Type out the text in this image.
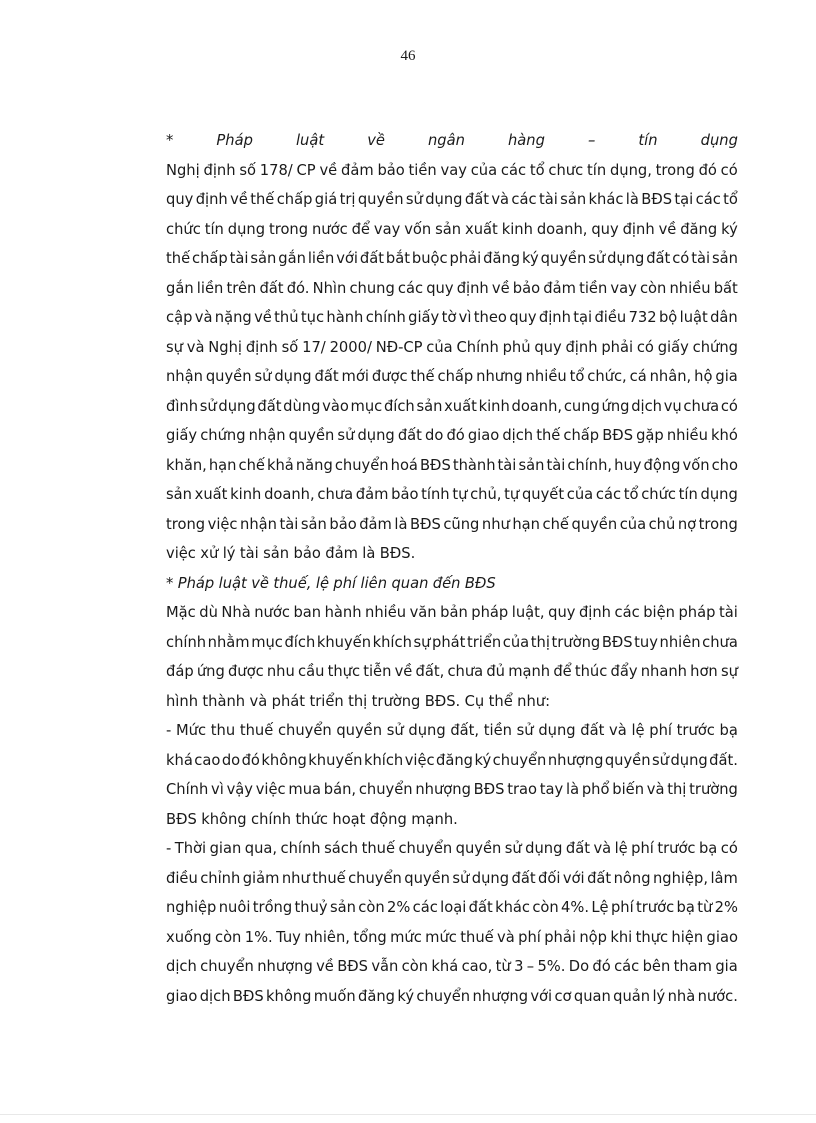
46
*	Pháp	luật	về	ngân	hàng	–	tín	dụng
Nghị định số 178/ CP về đảm bảo tiền vay của các tổ chưc tín dụng, trong đó có
quy định về thế chấp giá trị quyền sử dụng đất và các tài sản khác là BĐS tại các tổ
chức tín dụng trong nước để vay vốn sản xuất kinh doanh, quy định về đăng ký
thế chấp tài sản gắn liền với đất bắt buộc phải đăng ký quyền sử dụng đất có tài sản
gắn liền trên đất đó. Nhìn chung các quy định về bảo đảm tiền vay còn nhiều bất
cập và nặng về thủ tục hành chính giấy tờ vì theo quy định tại điều 732 bộ luật dân
sự và Nghị định số 17/ 2000/ NĐ-CP của Chính phủ quy định phải có giấy chứng
nhận quyền sử dụng đất mới được thế chấp nhưng nhiều tổ chức, cá nhân, hộ gia
đình sử dụng đất dùng vào mục đích sản xuất kinh doanh, cung ứng dịch vụ chưa có
giấy chứng nhận quyền sử dụng đất do đó giao dịch thế chấp BĐS gặp nhiều khó
khăn, hạn chế khả năng chuyển hoá BĐS thành tài sản tài chính, huy động vốn cho
sản xuất kinh doanh, chưa đảm bảo tính tự chủ, tự quyết của các tổ chức tín dụng
trong việc nhận tài sản bảo đảm là BĐS cũng như hạn chế quyền của chủ nợ trong
việc xử lý tài sản bảo đảm là BĐS.
* Pháp luật về thuế, lệ phí liên quan đến BĐS
Mặc dù Nhà nước ban hành nhiều văn bản pháp luật, quy định các biện pháp tài
chính nhằm mục đích khuyến khích sự phát triển của thị trường BĐS tuy nhiên chưa
đáp ứng được nhu cầu thực tiễn về đất, chưa đủ mạnh để thúc đẩy nhanh hơn sự
hình thành và phát triển thị trường BĐS. Cụ thể như:
- Mức thu thuế chuyển quyền sử dụng đất, tiền sử dụng đất và lệ phí trước bạ
khá cao do đó không khuyến khích việc đăng ký chuyển nhượng quyền sử dụng đất.
Chính vì vậy việc mua bán, chuyển nhượng BĐS trao tay là phổ biến và thị trường
BĐS không chính thức hoạt động mạnh.
- Thời gian qua, chính sách thuế chuyển quyền sử dụng đất và lệ phí trước bạ có
điều chỉnh giảm như thuế chuyển quyền sử dụng đất đối với đất nông nghiệp, lâm
nghiệp nuôi trồng thuỷ sản còn 2% các loại đất khác còn 4%. Lệ phí trước bạ từ 2%
xuống còn 1%. Tuy nhiên, tổng mức mức thuế và phí phải nộp khi thực hiện giao
dịch chuyển nhượng về BĐS vẫn còn khá cao, từ 3 – 5%. Do đó các bên tham gia
giao dịch BĐS không muốn đăng ký chuyển nhượng với cơ quan quản lý nhà nước.
